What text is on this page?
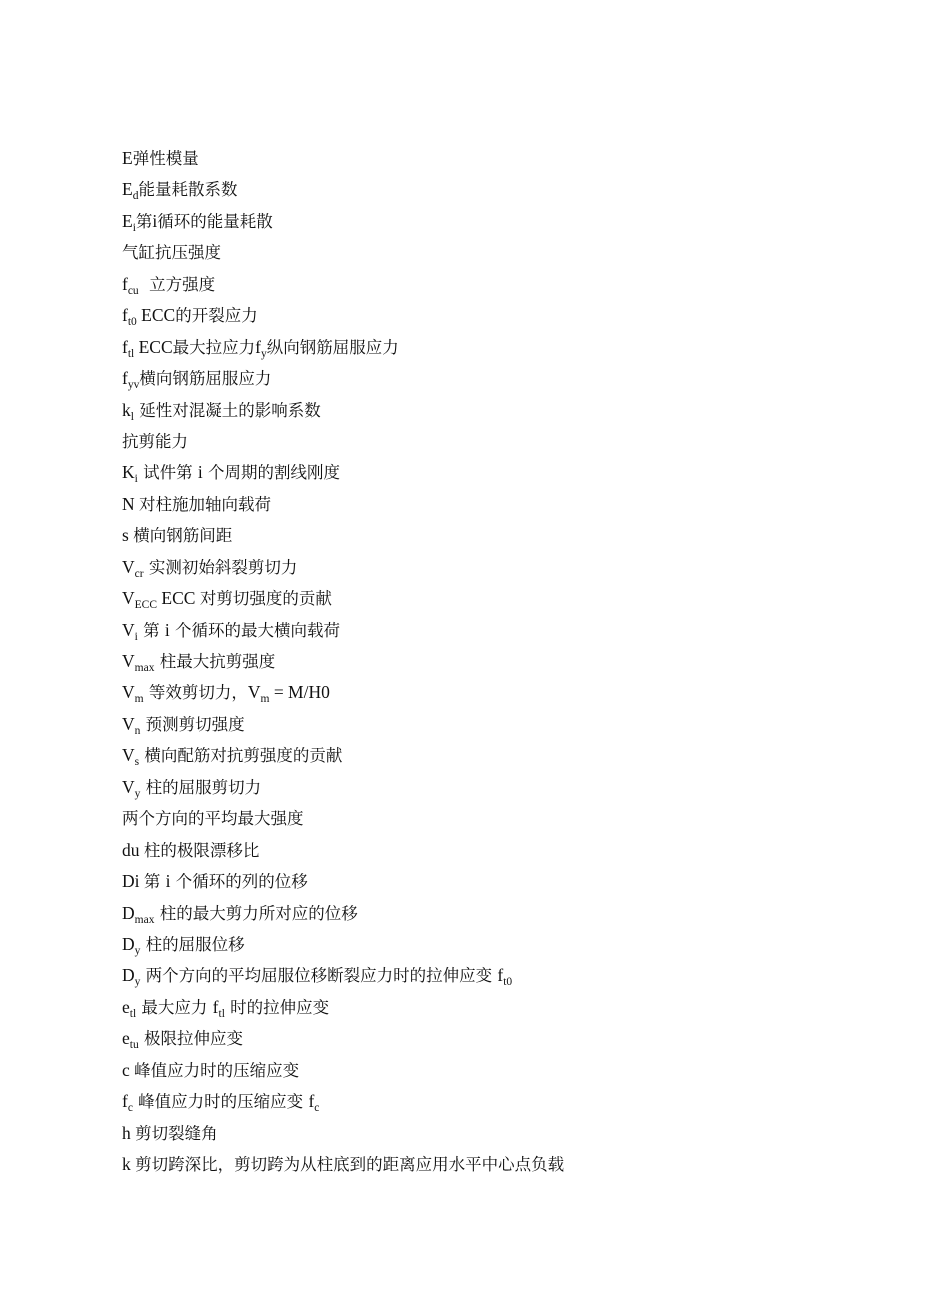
E弹性模量
$E_d$能量耗散系数
$E_i$第i循环的能量耗散
气缸抗压强度
$f_{cu}$  立方强度
$f_{t0}$ ECC的开裂应力
$f_{tl}$ ECC最大拉应力$f_y$纵向钢筋屈服应力
$f_{yv}$横向钢筋屈服应力
$k_l$ 延性对混凝土的影响系数
抗剪能力
$K_i$ 试件第 i 个周期的割线刚度
N 对柱施加轴向载荷
s 横向钢筋间距
$V_{cr}$ 实测初始斜裂剪切力
$V_{ECC}$ ECC 对剪切强度的贡献
$V_i$ 第 i 个循环的最大横向载荷
$V_{max}$ 柱最大抗剪强度
$V_m$ 等效剪切力，$V_m = M/H0$
$V_n$ 预测剪切强度
$V_s$ 横向配筋对抗剪强度的贡献
$V_y$ 柱的屈服剪切力
两个方向的平均最大强度
du 柱的极限漂移比
Di 第 i 个循环的列的位移
$D_{max}$ 柱的最大剪力所对应的位移
$D_y$ 柱的屈服位移
$D_y$ 两个方向的平均屈服位移断裂应力时的拉伸应变 $f_{t0}$
$e_{tl}$ 最大应力 $f_{tl}$ 时的拉伸应变
$e_{tu}$ 极限拉伸应变
c 峰值应力时的压缩应变
$f_c$ 峰值应力时的压缩应变 $f_c$
h 剪切裂缝角
k 剪切跨深比，剪切跨为从柱底到的距离应用水平中心点负载
